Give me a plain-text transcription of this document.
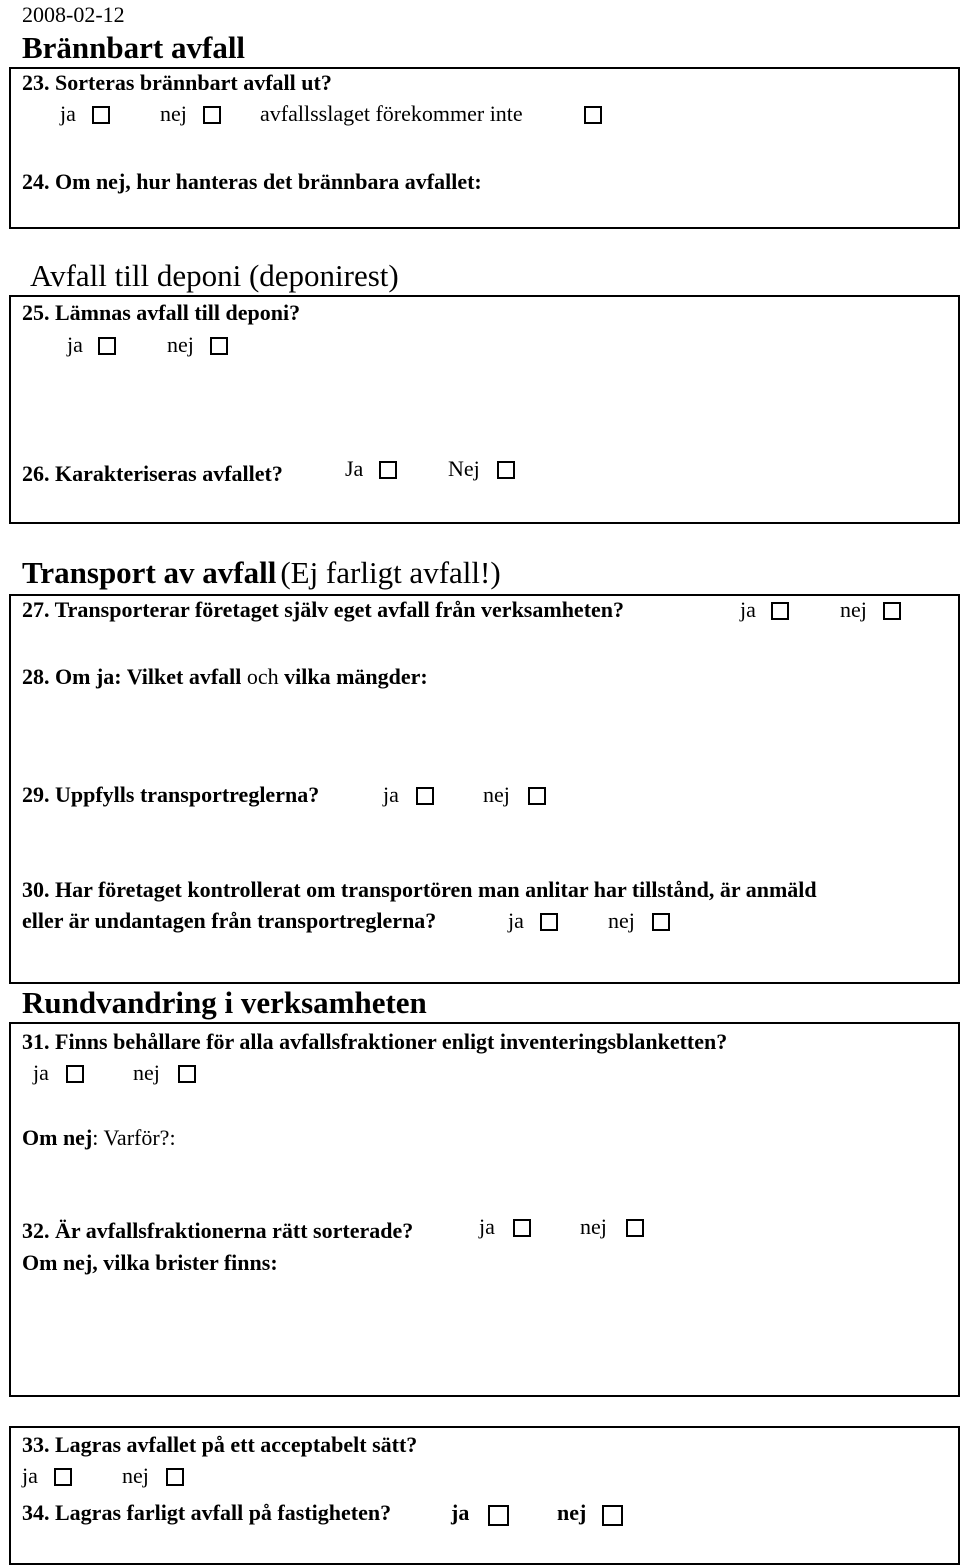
2008-02-12
Brännbart avfall
23. Sorteras brännbart avfall ut?
ja	nej	avfallsslaget förekommer inte
24. Om nej, hur hanteras det brännbara avfallet:
Avfall till deponi (deponirest)
25. Lämnas avfall till deponi?
ja	nej
26. Karakteriseras avfallet?	Ja	Nej
Transport av avfall (Ej farligt avfall!)
27. Transporterar företaget själv eget avfall från verksamheten?	ja	nej
28. Om ja: Vilket avfall och vilka mängder:
29. Uppfylls transportreglerna?	ja	nej
30. Har företaget kontrollerat om transportören man anlitar har tillstånd, är anmäld
eller är undantagen från transportreglerna?	ja	nej
Rundvandring i verksamheten
31. Finns behållare för alla avfallsfraktioner enligt inventeringsblanketten?
ja	nej
Om nej: Varför?:
32. Är avfallsfraktionerna rätt sorterade?	ja	nej
Om nej, vilka brister finns:
33. Lagras avfallet på ett acceptabelt sätt?
ja	nej
34. Lagras farligt avfall på fastigheten?	ja	nej
